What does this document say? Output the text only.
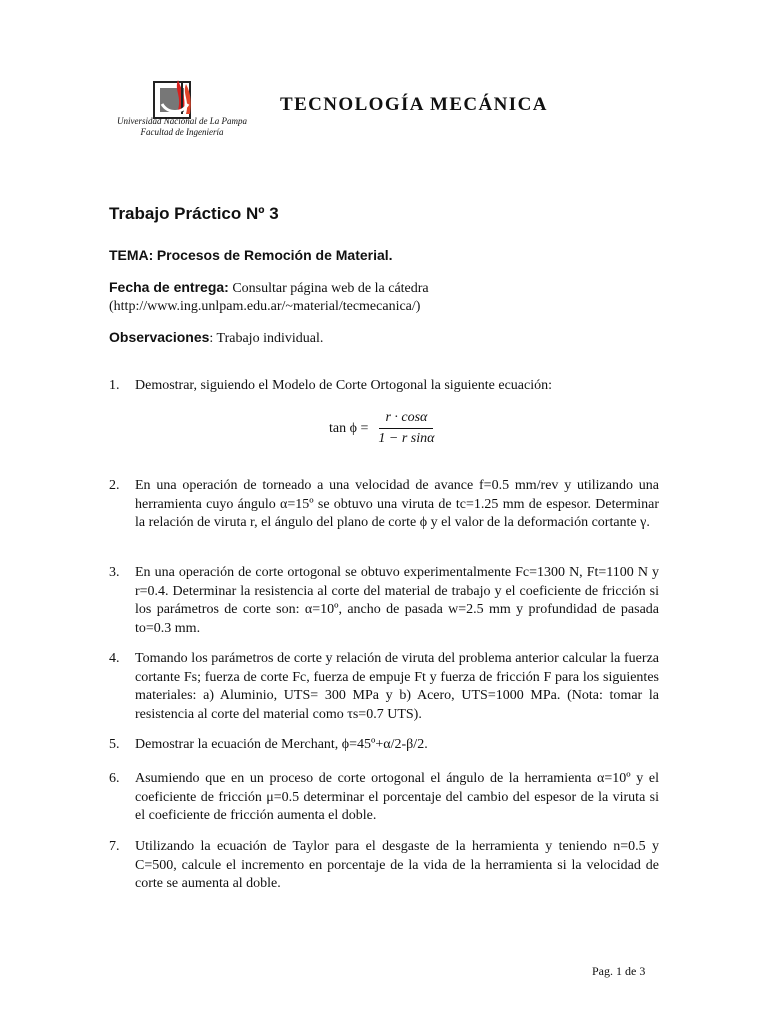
Universidad Nacional de La Pampa
Facultad de Ingeniería
TECNOLOGÍA MECÁNICA
Trabajo Práctico Nº 3
TEMA: Procesos de Remoción de Material.
Fecha de entrega: Consultar página web de la cátedra
(http://www.ing.unlpam.edu.ar/~material/tecmecanica/)
Observaciones: Trabajo individual.
1.	Demostrar, siguiendo el Modelo de Corte Ortogonal la siguiente ecuación:
$\tan \phi = \frac{r \cdot \cos\alpha}{\text{1 − r sinα}}$
2.	En una operación de torneado a una velocidad de avance f=0.5 mm/rev y utilizando una herramienta cuyo ángulo α=15º se obtuvo una viruta de tc=1.25 mm de espesor. Determinar la relación de viruta r, el ángulo del plano de corte ϕ y el valor de la deformación cortante γ.
3.	En una operación de corte ortogonal se obtuvo experimentalmente Fc=1300 N, Ft=1100 N y r=0.4. Determinar la resistencia al corte del material de trabajo y el coeficiente de fricción si los parámetros de corte son: α=10º, ancho de pasada w=2.5 mm y profundidad de pasada to=0.3 mm.
4.	Tomando los parámetros de corte y relación de viruta del problema anterior calcular la fuerza cortante Fs; fuerza de corte Fc, fuerza de empuje Ft y fuerza de fricción F para los siguientes materiales: a) Aluminio, UTS= 300 MPa y b) Acero, UTS=1000 MPa. (Nota: tomar la resistencia al corte del material como τs=0.7 UTS).
5.	Demostrar la ecuación de Merchant, ϕ=45º+α/2-β/2.
6.	Asumiendo que en un proceso de corte ortogonal el ángulo de la herramienta α=10º y el coeficiente de fricción μ=0.5 determinar el porcentaje del cambio del espesor de la viruta si el coeficiente de fricción aumenta el doble.
7.	Utilizando la ecuación de Taylor para el desgaste de la herramienta y teniendo n=0.5 y C=500, calcule el incremento en porcentaje de la vida de la herramienta si la velocidad de corte se aumenta al doble.
Pag. 1 de 3
